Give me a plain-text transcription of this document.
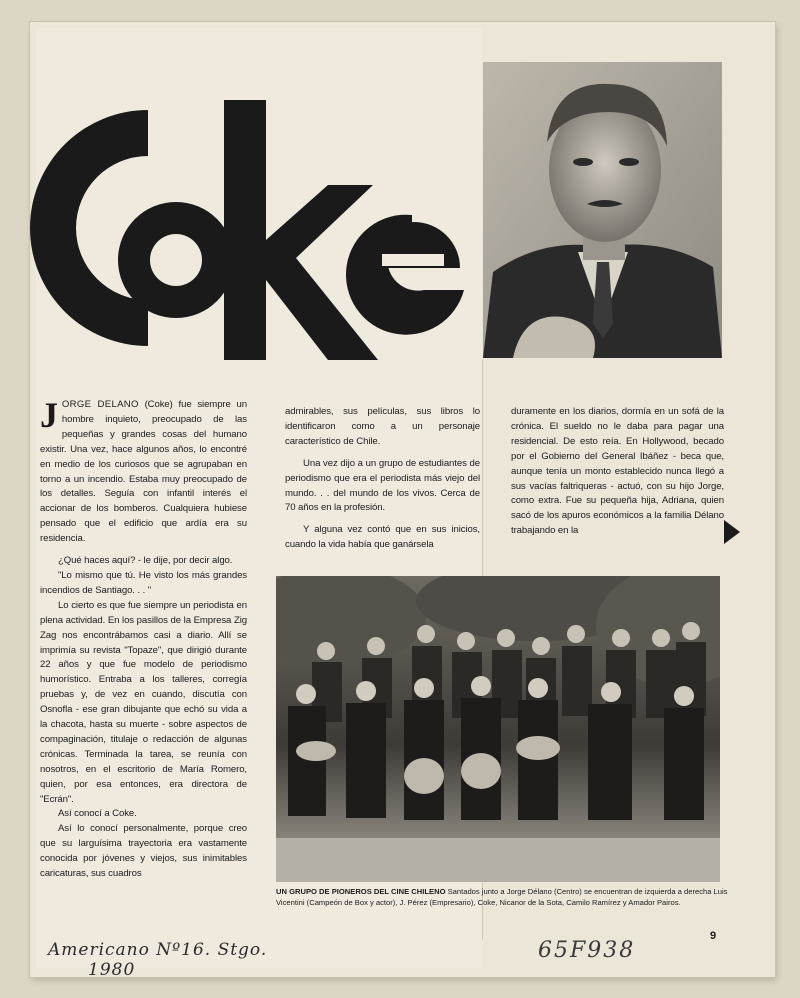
JORGE DELANO (Coke) fue siempre un hombre inquieto, preocupado de las pequeñas y grandes cosas del humano existir. Una vez, hace algunos años, lo encontré en medio de los curiosos que se agrupaban en torno a un incendio. Estaba muy preocupado de los detalles. Seguía con infantil interés el accionar de los bomberos. Cualquiera hubiese pensado que el edificio que ardía era su residencia.

¿Qué haces aquí? - le dije, por decir algo.

"Lo mismo que tú. He visto los más grandes incendios de Santiago. . . "

Lo cierto es que fue siempre un periodista en plena actividad. En los pasillos de la Empresa Zig Zag nos encontrábamos casi a diario. Allí se imprimía su revista "Topaze", que dirigió durante 22 años y que fue modelo de periodismo humorístico. Entraba a los talleres, corregía pruebas y, de vez en cuando, discutía con Osnofla - ese gran dibujante que echó su vida a la chacota, hasta su muerte - sobre aspectos de compaginación, titulaje o redacción de algunas crónicas. Terminada la tarea, se reunía con nosotros, en el escritorio de María Romero, quien, por esa entonces, era directora de "Ecrán".

Así conocí a Coke.

Así lo conocí personalmente, porque creo que su larguísima trayectoria era vastamente conocida por jóvenes y viejos, sus inimitables caricaturas, sus cuadros

admirables, sus películas, sus libros lo identificaron como a un personaje característico de Chile.

Una vez dijo a un grupo de estudiantes de periodismo que era el periodista más viejo del mundo. . . del mundo de los vivos. Cerca de 70 años en la profesión.

Y alguna vez contó que en sus inicios, cuando la vida había que ganársela

duramente en los diarios, dormía en un sofá de la crónica. El sueldo no le daba para pagar una residencial. De esto reía. En Hollywood, becado por el Gobierno del General Ibáñez - beca que, aunque tenía un monto establecido nunca llegó a sus vacías faltriqueras - actuó, con su hijo Jorge, como extra. Fue su pequeña hija, Adriana, quien sacó de los apuros económicos a la familia Délano trabajando en la

UN GRUPO DE PIONEROS DEL CINE CHILENO Santados junto a Jorge Délano (Centro) se encuentran de izquierda a derecha Luis Vicentini (Campeón de Box y actor), J. Pérez (Empresario), Coke, Nicanor de la Sota, Camilo Ramírez y Amador Pairos.
Americano Nº16. Stgo. 1980
65F938
9
